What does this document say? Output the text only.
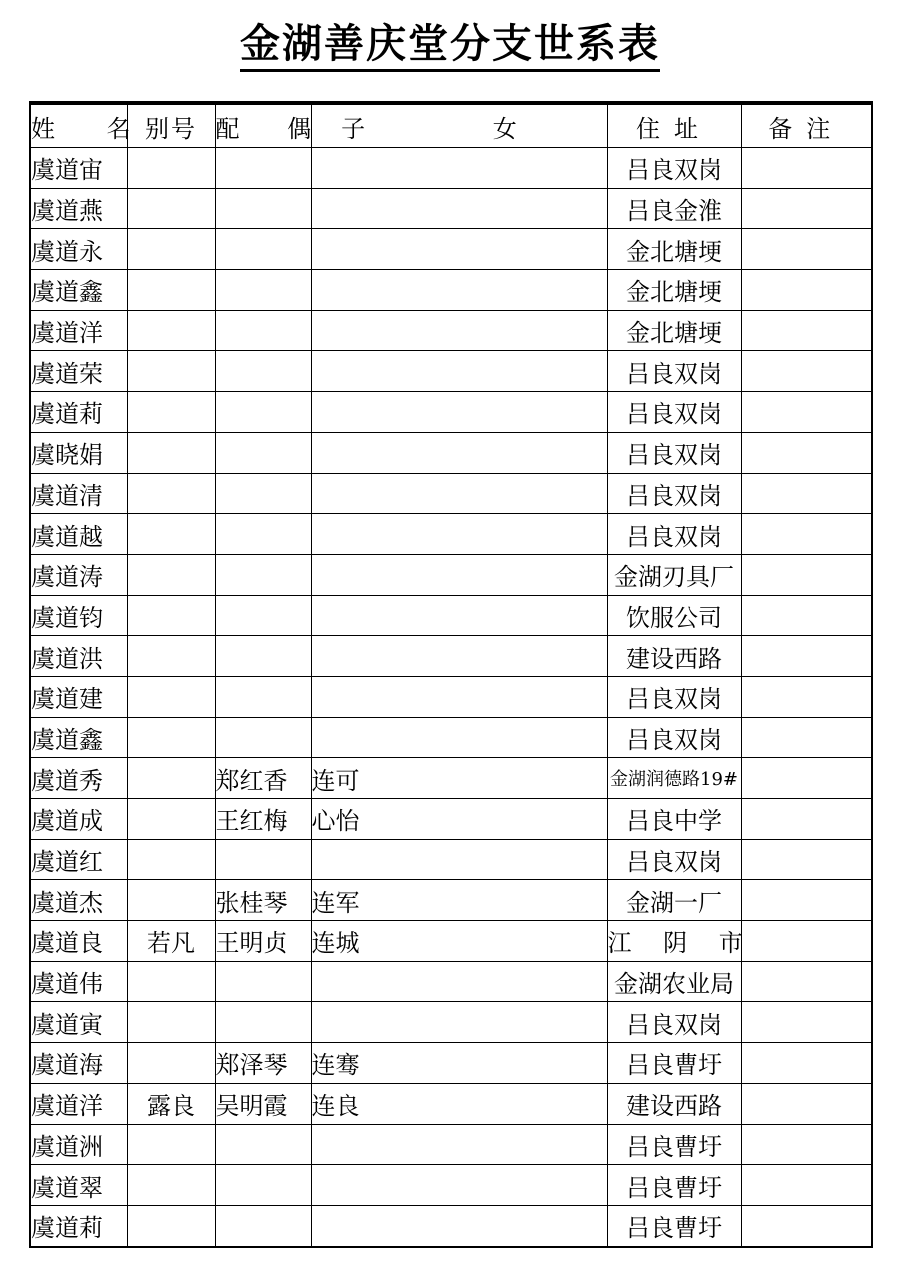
金湖善庆堂分支世系表
姓 名	别号	配 偶	子 女	住址	备注
虞道宙				吕良双岗	
虞道燕				吕良金淮	
虞道永				金北塘埂	
虞道鑫				金北塘埂	
虞道洋				金北塘埂	
虞道荣				吕良双岗	
虞道莉				吕良双岗	
虞晓娟				吕良双岗	
虞道清				吕良双岗	
虞道越				吕良双岗	
虞道涛				金湖刃具厂	
虞道钧				饮服公司	
虞道洪				建设西路	
虞道建				吕良双岗	
虞道鑫				吕良双岗	
虞道秀		郑红香	连可	金湖润德路19#	
虞道成		王红梅	心怡	吕良中学	
虞道红				吕良双岗	
虞道杰		张桂琴	连军	金湖一厂	
虞道良	若凡	王明贞	连城	江 阴 市	
虞道伟				金湖农业局	
虞道寅				吕良双岗	
虞道海		郑泽琴	连骞	吕良曹圩	
虞道洋	露良	吴明霞	连良	建设西路	
虞道洲				吕良曹圩	
虞道翠				吕良曹圩	
虞道莉				吕良曹圩	
